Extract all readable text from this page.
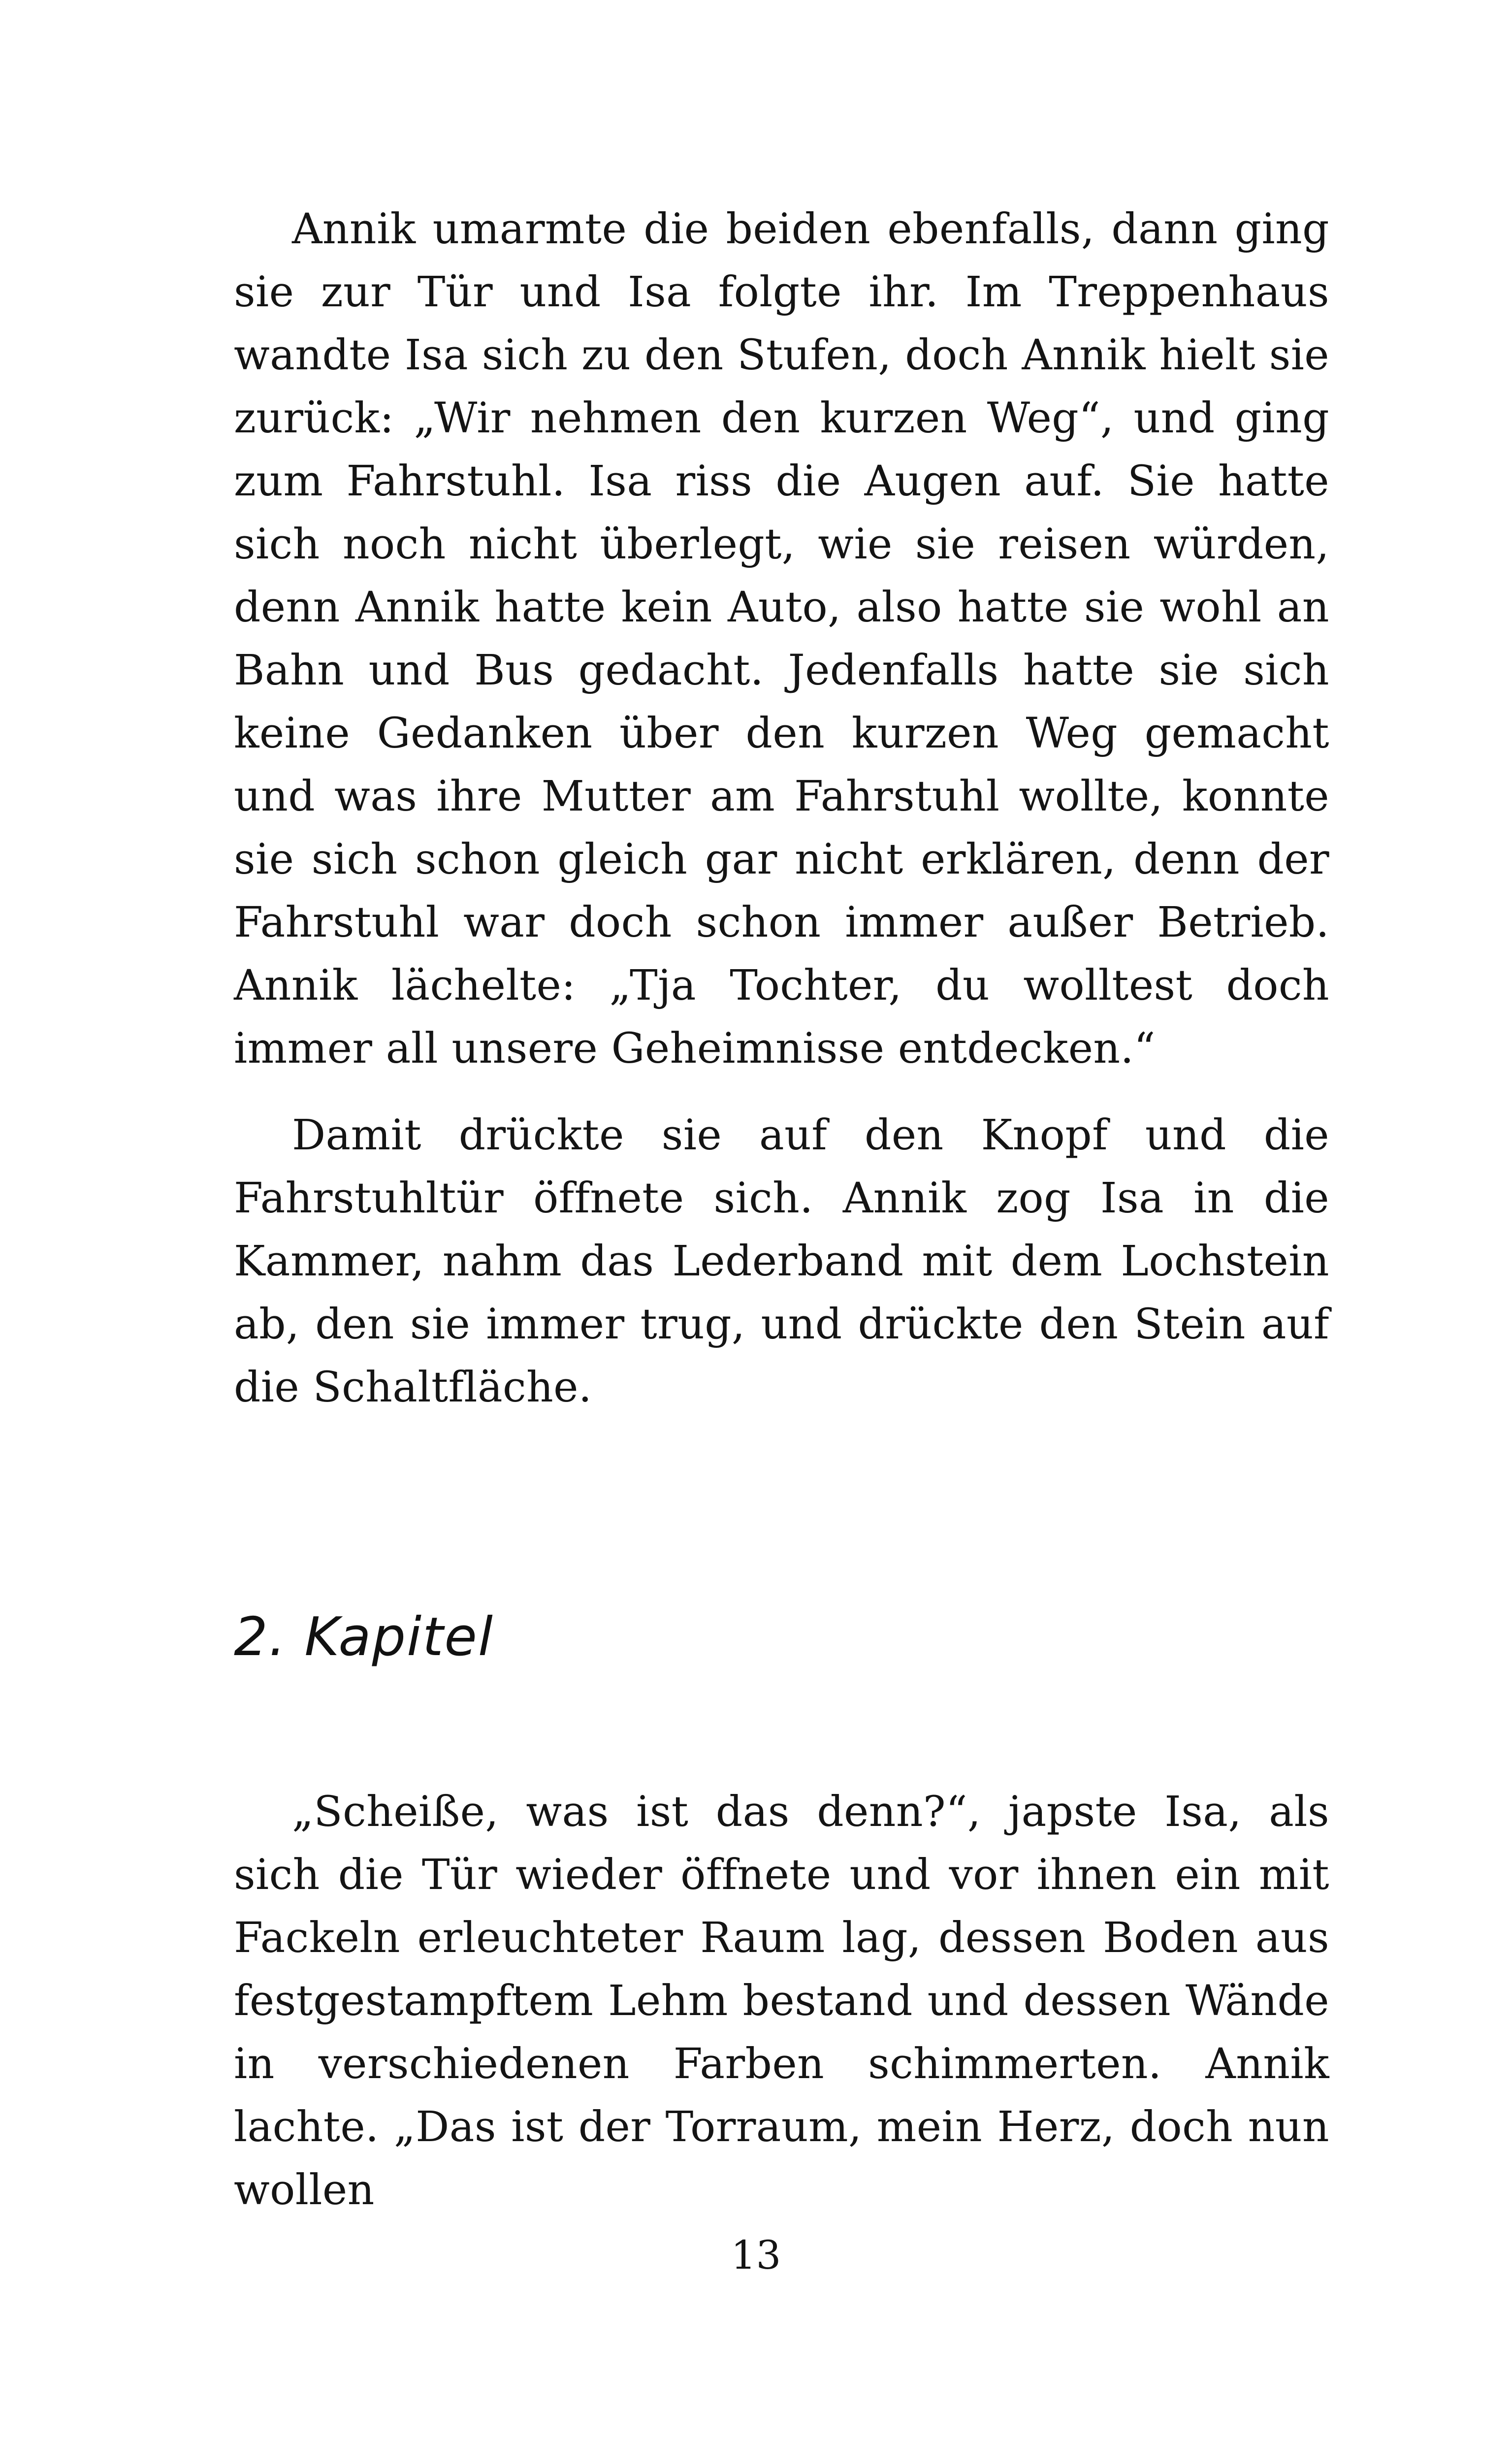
Annik umarmte die beiden ebenfalls, dann ging sie zur Tür und Isa folgte ihr. Im Treppenhaus wandte Isa sich zu den Stufen, doch Annik hielt sie zurück: „Wir nehmen den kurzen Weg“, und ging zum Fahrstuhl. Isa riss die Augen auf. Sie hatte sich noch nicht überlegt, wie sie reisen würden, denn Annik hatte kein Auto, also hatte sie wohl an Bahn und Bus gedacht. Jedenfalls hatte sie sich keine Gedanken über den kurzen Weg gemacht und was ihre Mutter am Fahrstuhl wollte, konnte sie sich schon gleich gar nicht erklären, denn der Fahrstuhl war doch schon immer außer Betrieb. Annik lächelte: „Tja Tochter, du wolltest doch immer all unsere Geheimnisse entdecken.“

Damit drückte sie auf den Knopf und die Fahrstuhltür öffnete sich. Annik zog Isa in die Kammer, nahm das Lederband mit dem Lochstein ab, den sie immer trug, und drückte den Stein auf die Schaltfläche.

2. Kapitel

„Scheiße, was ist das denn?“, japste Isa, als sich die Tür wieder öffnete und vor ihnen ein mit Fackeln erleuchteter Raum lag, dessen Boden aus festgestampftem Lehm bestand und dessen Wände in verschiedenen Farben schimmerten. Annik lachte. „Das ist der Torraum, mein Herz, doch nun wollen

13
